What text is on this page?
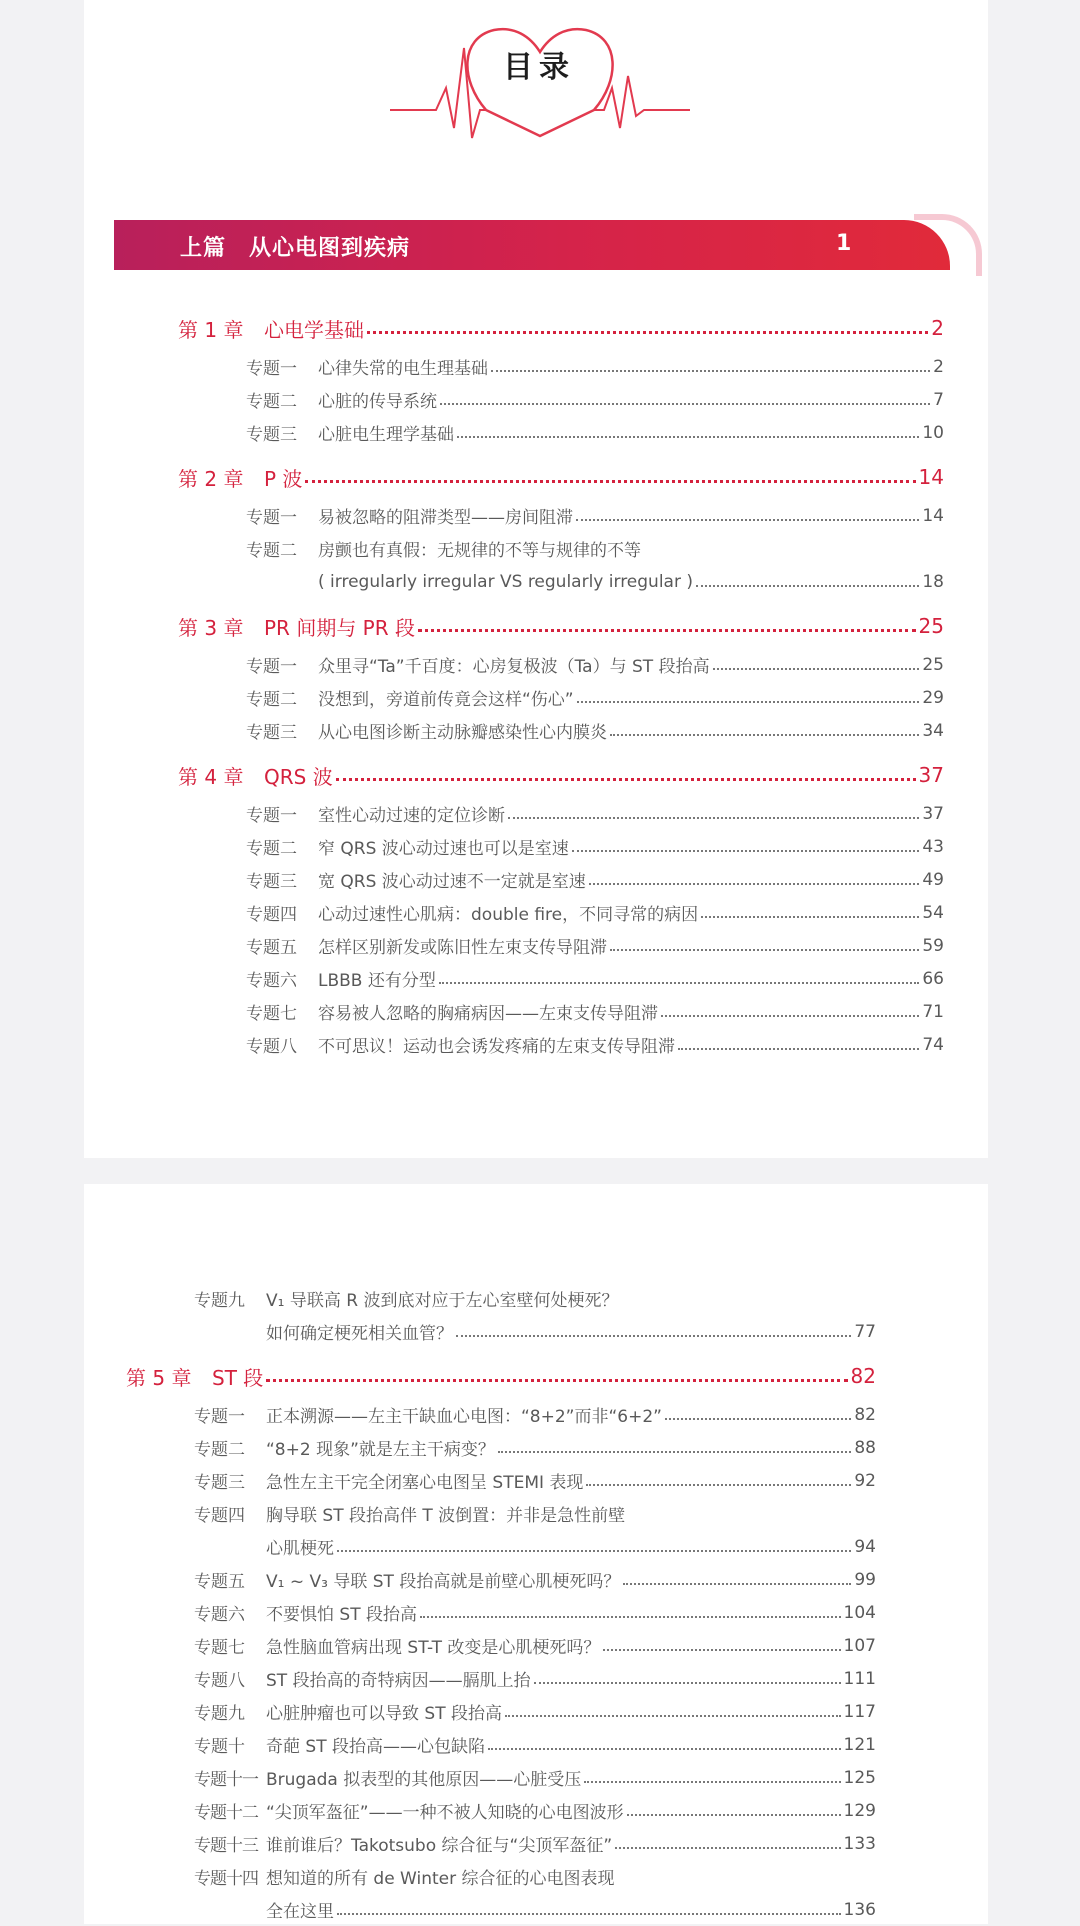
目录
上篇　从心电图到疾病	1
第 1 章	心电学基础	2
专题一	心律失常的电生理基础	2
专题二	心脏的传导系统	7
专题三	心脏电生理学基础	10
第 2 章	P 波	14
专题一	易被忽略的阻滞类型——房间阻滞	14
专题二	房颤也有真假：无规律的不等与规律的不等
( irregularly irregular VS regularly irregular )	18
第 3 章	PR 间期与 PR 段	25
专题一	众里寻“Ta”千百度：心房复极波（Ta）与 ST 段抬高	25
专题二	没想到，旁道前传竟会这样“伤心”	29
专题三	从心电图诊断主动脉瓣感染性心内膜炎	34
第 4 章	QRS 波	37
专题一	室性心动过速的定位诊断	37
专题二	窄 QRS 波心动过速也可以是室速	43
专题三	宽 QRS 波心动过速不一定就是室速	49
专题四	心动过速性心肌病：double fire，不同寻常的病因	54
专题五	怎样区别新发或陈旧性左束支传导阻滞	59
专题六	LBBB 还有分型	66
专题七	容易被人忽略的胸痛病因——左束支传导阻滞	71
专题八	不可思议！运动也会诱发疼痛的左束支传导阻滞	74
专题九	V₁ 导联高 R 波到底对应于左心室壁何处梗死？
如何确定梗死相关血管？	77
第 5 章	ST 段	82
专题一	正本溯源——左主干缺血心电图：“8+2”而非“6+2”	82
专题二	“8+2 现象”就是左主干病变？	88
专题三	急性左主干完全闭塞心电图呈 STEMI 表现	92
专题四	胸导联 ST 段抬高伴 T 波倒置：并非是急性前壁
心肌梗死	94
专题五	V₁ ~ V₃ 导联 ST 段抬高就是前壁心肌梗死吗？	99
专题六	不要惧怕 ST 段抬高	104
专题七	急性脑血管病出现 ST-T 改变是心肌梗死吗？	107
专题八	ST 段抬高的奇特病因——膈肌上抬	111
专题九	心脏肿瘤也可以导致 ST 段抬高	117
专题十	奇葩 ST 段抬高——心包缺陷	121
专题十一 Brugada 拟表型的其他原因——心脏受压	125
专题十二 “尖顶军盔征”——一种不被人知晓的心电图波形	129
专题十三 谁前谁后？Takotsubo 综合征与“尖顶军盔征”	133
专题十四 想知道的所有 de Winter 综合征的心电图表现
全在这里	136
